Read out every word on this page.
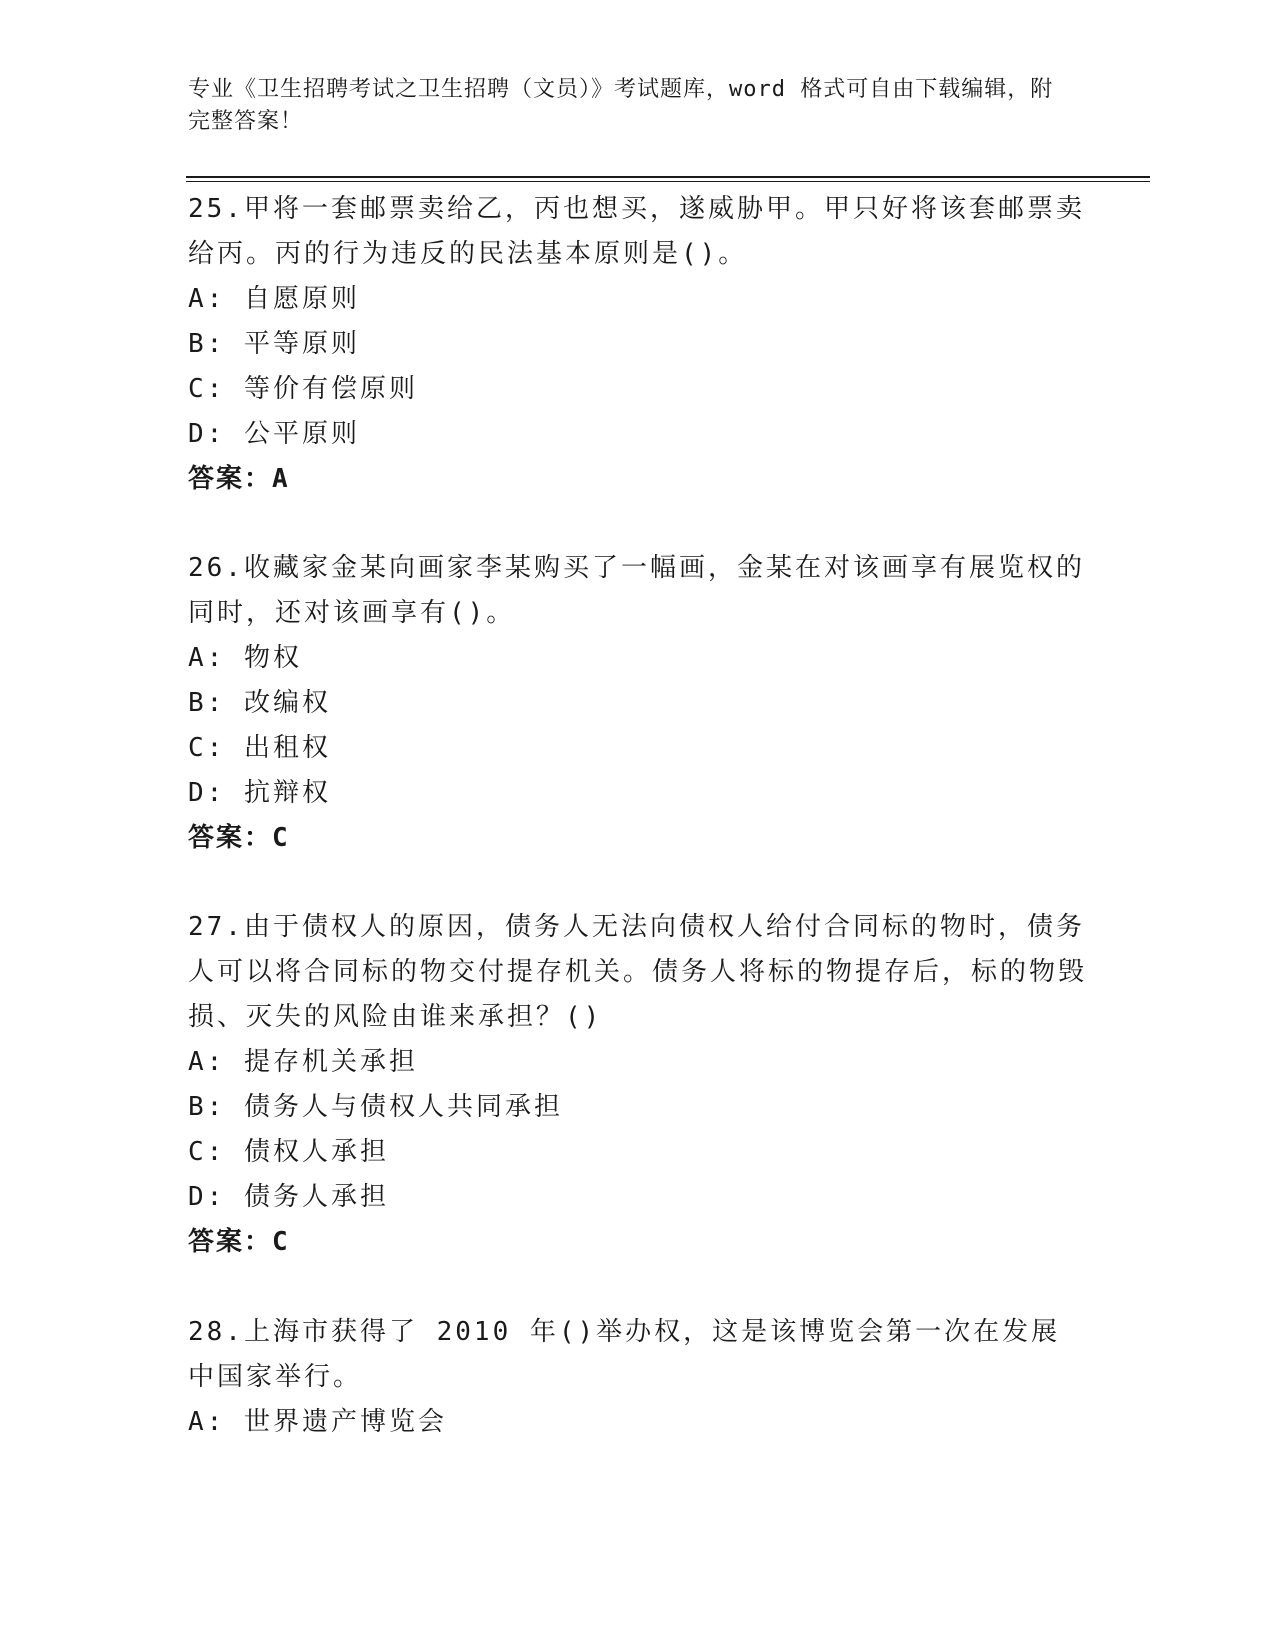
专业《卫生招聘考试之卫生招聘（文员）》考试题库，word 格式可自由下载编辑，附完整答案！

25.甲将一套邮票卖给乙，丙也想买，遂威胁甲。甲只好将该套邮票卖给丙。丙的行为违反的民法基本原则是()。

A: 自愿原则
B: 平等原则
C: 等价有偿原则
D: 公平原则
答案：A

26.收藏家金某向画家李某购买了一幅画，金某在对该画享有展览权的同时，还对该画享有()。

A: 物权
B: 改编权
C: 出租权
D: 抗辩权
答案：C

27.由于债权人的原因，债务人无法向债权人给付合同标的物时，债务人可以将合同标的物交付提存机关。债务人将标的物提存后，标的物毁损、灭失的风险由谁来承担？()

A: 提存机关承担
B: 债务人与债权人共同承担
C: 债权人承担
D: 债务人承担
答案：C

28.上海市获得了 2010 年()举办权，这是该博览会第一次在发展中国家举行。

A: 世界遗产博览会
